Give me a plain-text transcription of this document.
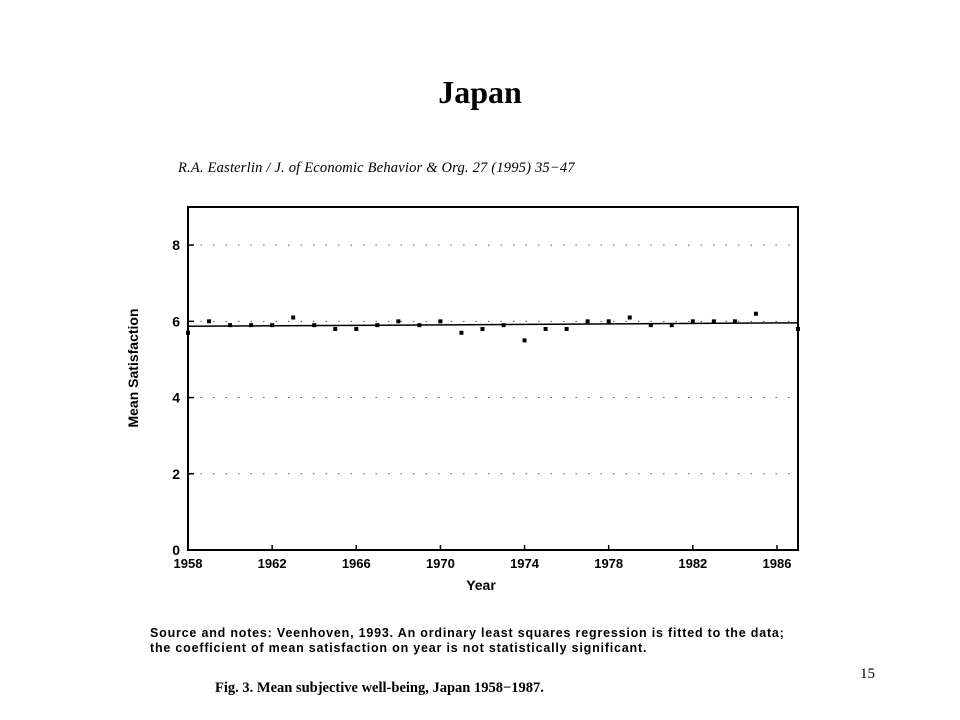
Japan
R.A. Easterlin / J. of Economic Behavior & Org. 27 (1995) 35−47
0
2
4
6
8
1958	1962	1966	1970	1974	1978	1982	1986
Year
Mean Satisfaction

Source and notes: Veenhoven, 1993. An ordinary least squares regression is fitted to the data; the coefficient of mean satisfaction on year is not statistically significant.

Fig. 3. Mean subjective well-being, Japan 1958−1987.
15
